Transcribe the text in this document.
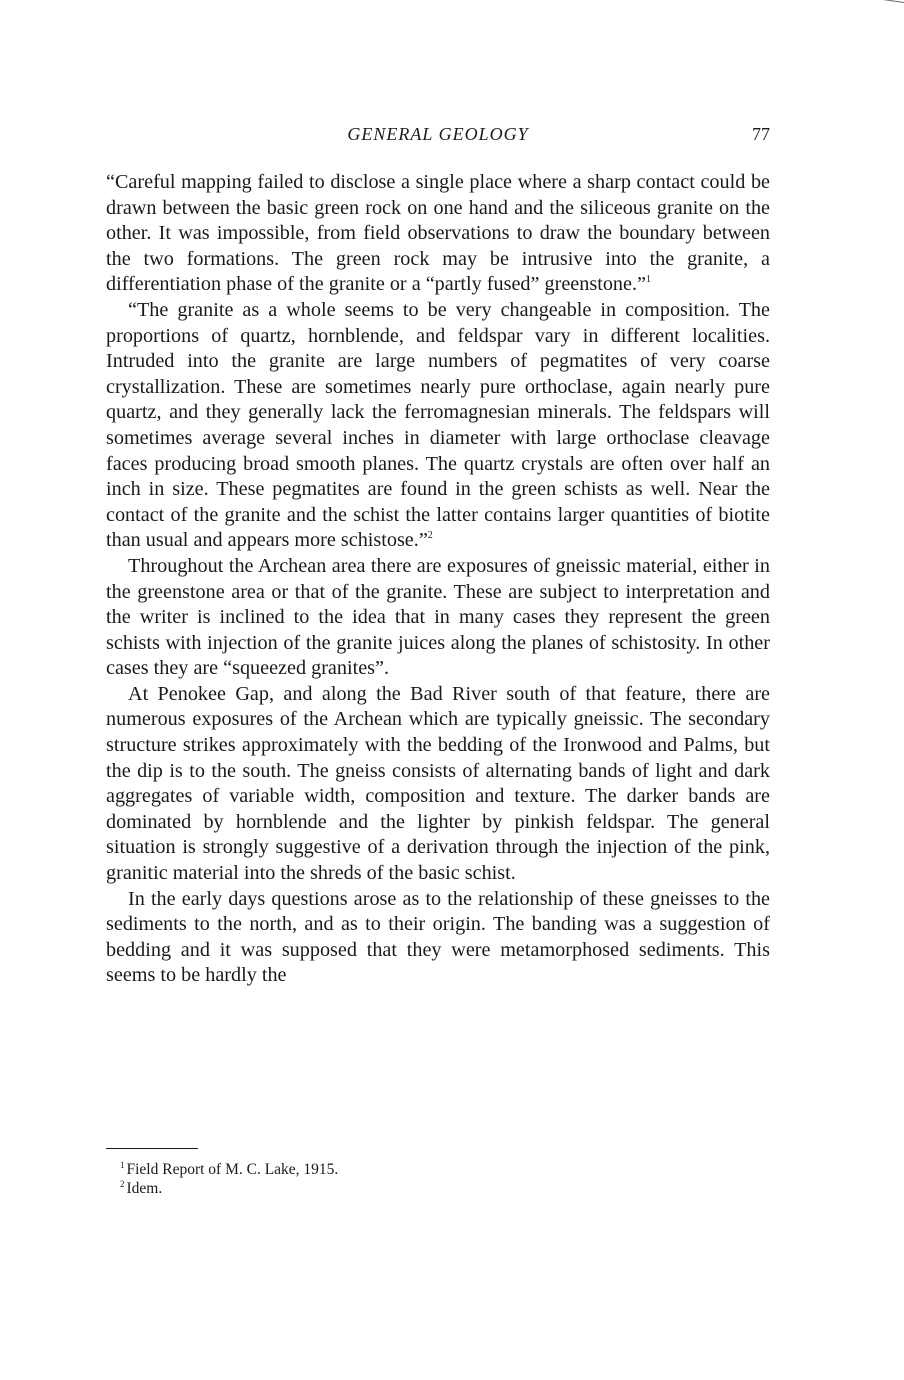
GENERAL GEOLOGY	77

“Careful mapping failed to disclose a single place where a sharp contact could be drawn between the basic green rock on one hand and the siliceous granite on the other. It was impossible, from field observations to draw the boundary between the two formations. The green rock may be intrusive into the granite, a differentiation phase of the granite or a “partly fused” greenstone.”$^1$

“The granite as a whole seems to be very changeable in composition. The proportions of quartz, hornblende, and feldspar vary in different localities. Intruded into the granite are large numbers of pegmatites of very coarse crystallization. These are sometimes nearly pure orthoclase, again nearly pure quartz, and they generally lack the ferromagnesian minerals. The feldspars will sometimes average several inches in diameter with large orthoclase cleavage faces producing broad smooth planes. The quartz crystals are often over half an inch in size. These pegmatites are found in the green schists as well. Near the contact of the granite and the schist the latter contains larger quantities of biotite than usual and appears more schistose.”$^2$

Throughout the Archean area there are exposures of gneissic material, either in the greenstone area or that of the granite. These are subject to interpretation and the writer is inclined to the idea that in many cases they represent the green schists with injection of the granite juices along the planes of schistosity. In other cases they are “squeezed granites”.

At Penokee Gap, and along the Bad River south of that feature, there are numerous exposures of the Archean which are typically gneissic. The secondary structure strikes approximately with the bedding of the Ironwood and Palms, but the dip is to the south. The gneiss consists of alternating bands of light and dark aggregates of variable width, composition and texture. The darker bands are dominated by hornblende and the lighter by pinkish feldspar. The general situation is strongly suggestive of a derivation through the injection of the pink, granitic material into the shreds of the basic schist.

In the early days questions arose as to the relationship of these gneisses to the sediments to the north, and as to their origin. The banding was a suggestion of bedding and it was supposed that they were metamorphosed sediments. This seems to be hardly the

$^1$ Field Report of M. C. Lake, 1915.
$^2$ Idem.
